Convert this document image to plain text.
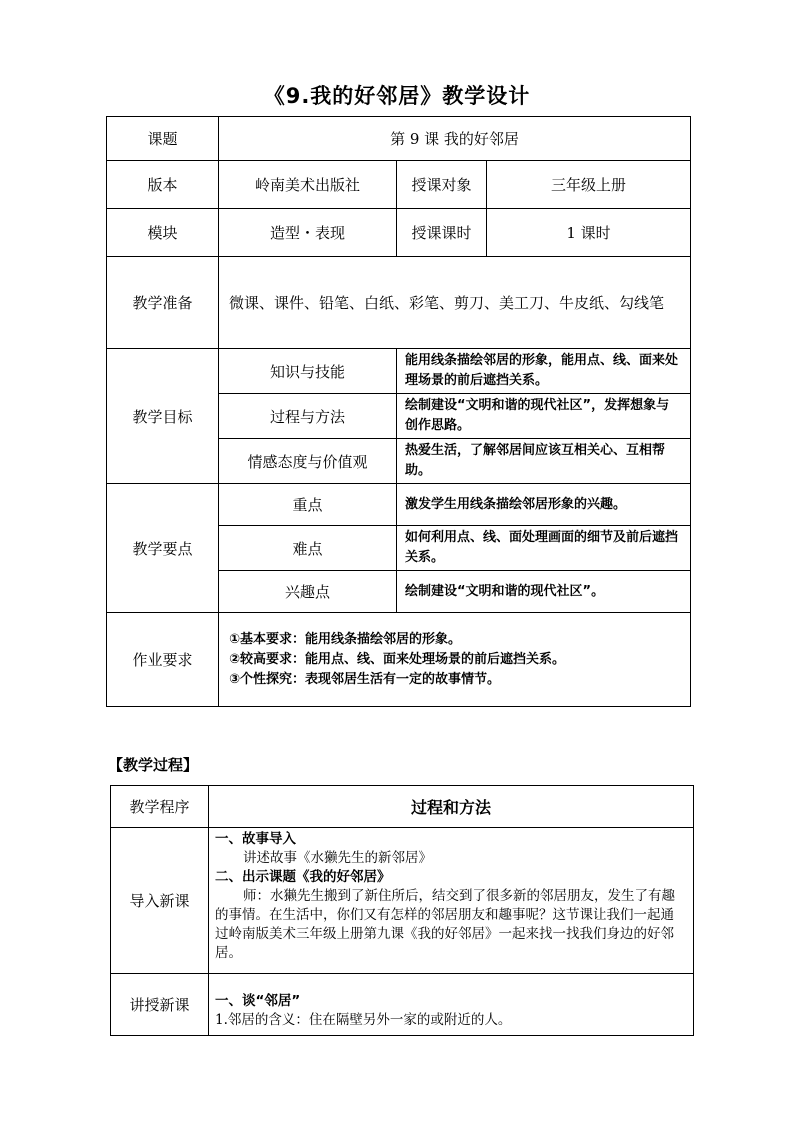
《9.我的好邻居》教学设计
课题	第 9 课 我的好邻居		
版本	岭南美术出版社	授课对象	三年级上册
模块	造型・表现	授课课时	1 课时
教学准备	微课、课件、铅笔、白纸、彩笔、剪刀、美工刀、牛皮纸、勾线笔		
教学目标	知识与技能	能用线条描绘邻居的形象，能用点、线、面来处理场景的前后遮挡关系。	
	过程与方法	绘制建设“文明和谐的现代社区”，发挥想象与创作思路。	
	情感态度与价值观	热爱生活，了解邻居间应该互相关心、互相帮助。	
教学要点	重点	激发学生用线条描绘邻居形象的兴趣。	
	难点	如何利用点、线、面处理画面的细节及前后遮挡关系。	
	兴趣点	绘制建设“文明和谐的现代社区”。	
作业要求	①基本要求：能用线条描绘邻居的形象。
②较高要求：能用点、线、面来处理场景的前后遮挡关系。
③个性探究：表现邻居生活有一定的故事情节。		
【教学过程】
教学程序	过程和方法
导入新课	一、故事导入
讲述故事《水獭先生的新邻居》
二、出示课题《我的好邻居》
师：水獭先生搬到了新住所后，结交到了很多新的邻居朋友，发生了有趣的事情。在生活中，你们又有怎样的邻居朋友和趣事呢？这节课让我们一起通过岭南版美术三年级上册第九课《我的好邻居》一起来找一找我们身边的好邻居。

讲授新课	一、谈“邻居”
1.邻居的含义：住在隔壁另外一家的或附近的人。
